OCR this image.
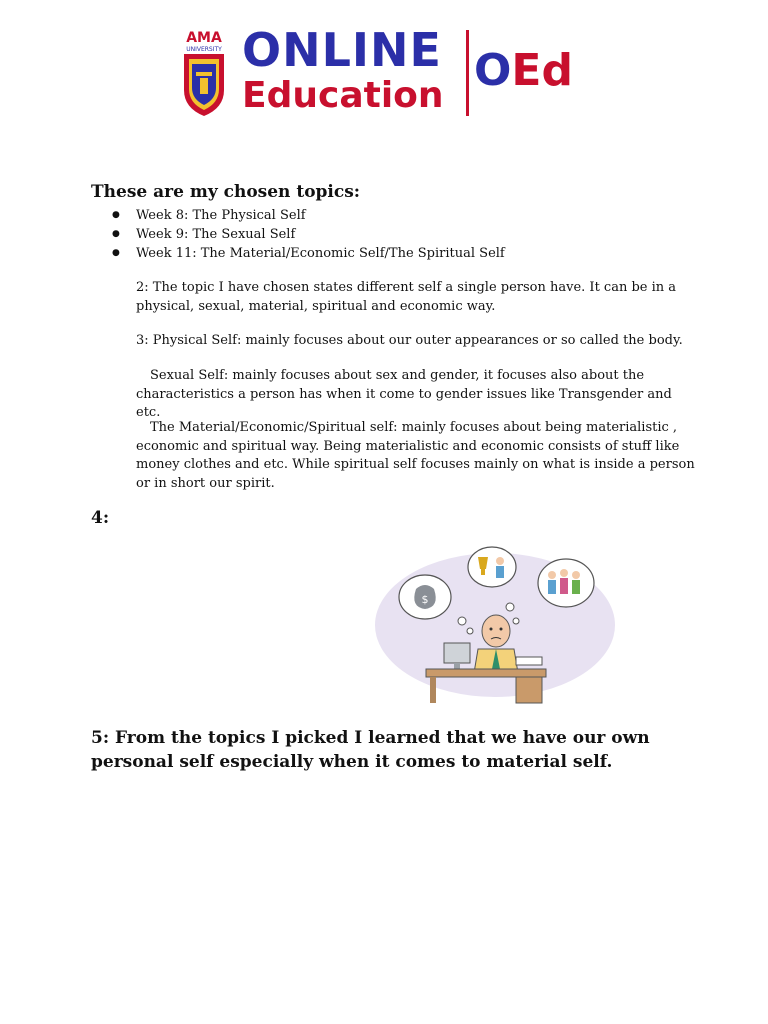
AMA
UNIVERSITY ONLINE
Education OEd
These are my chosen topics:
● Week 8: The Physical Self
● Week 9: The Sexual Self
● Week 11: The Material/Economic Self/The Spiritual Self

2: The topic I have chosen states different self a single person have. It can be in a physical, sexual, material, spiritual and economic way.

3: Physical Self: mainly focuses about our outer appearances or so called the body.

Sexual Self: mainly focuses about sex and gender, it focuses also about the characteristics a person has when it come to gender issues like Transgender and etc.

The Material/Economic/Spiritual self: mainly focuses about being materialistic , economic and spiritual way. Being materialistic and economic consists of stuff like money clothes and etc. While spiritual self focuses mainly on what is inside a person or in short our spirit.

4:
$
5: From the topics I picked I learned that we have our own personal self especially when it comes to material self.
